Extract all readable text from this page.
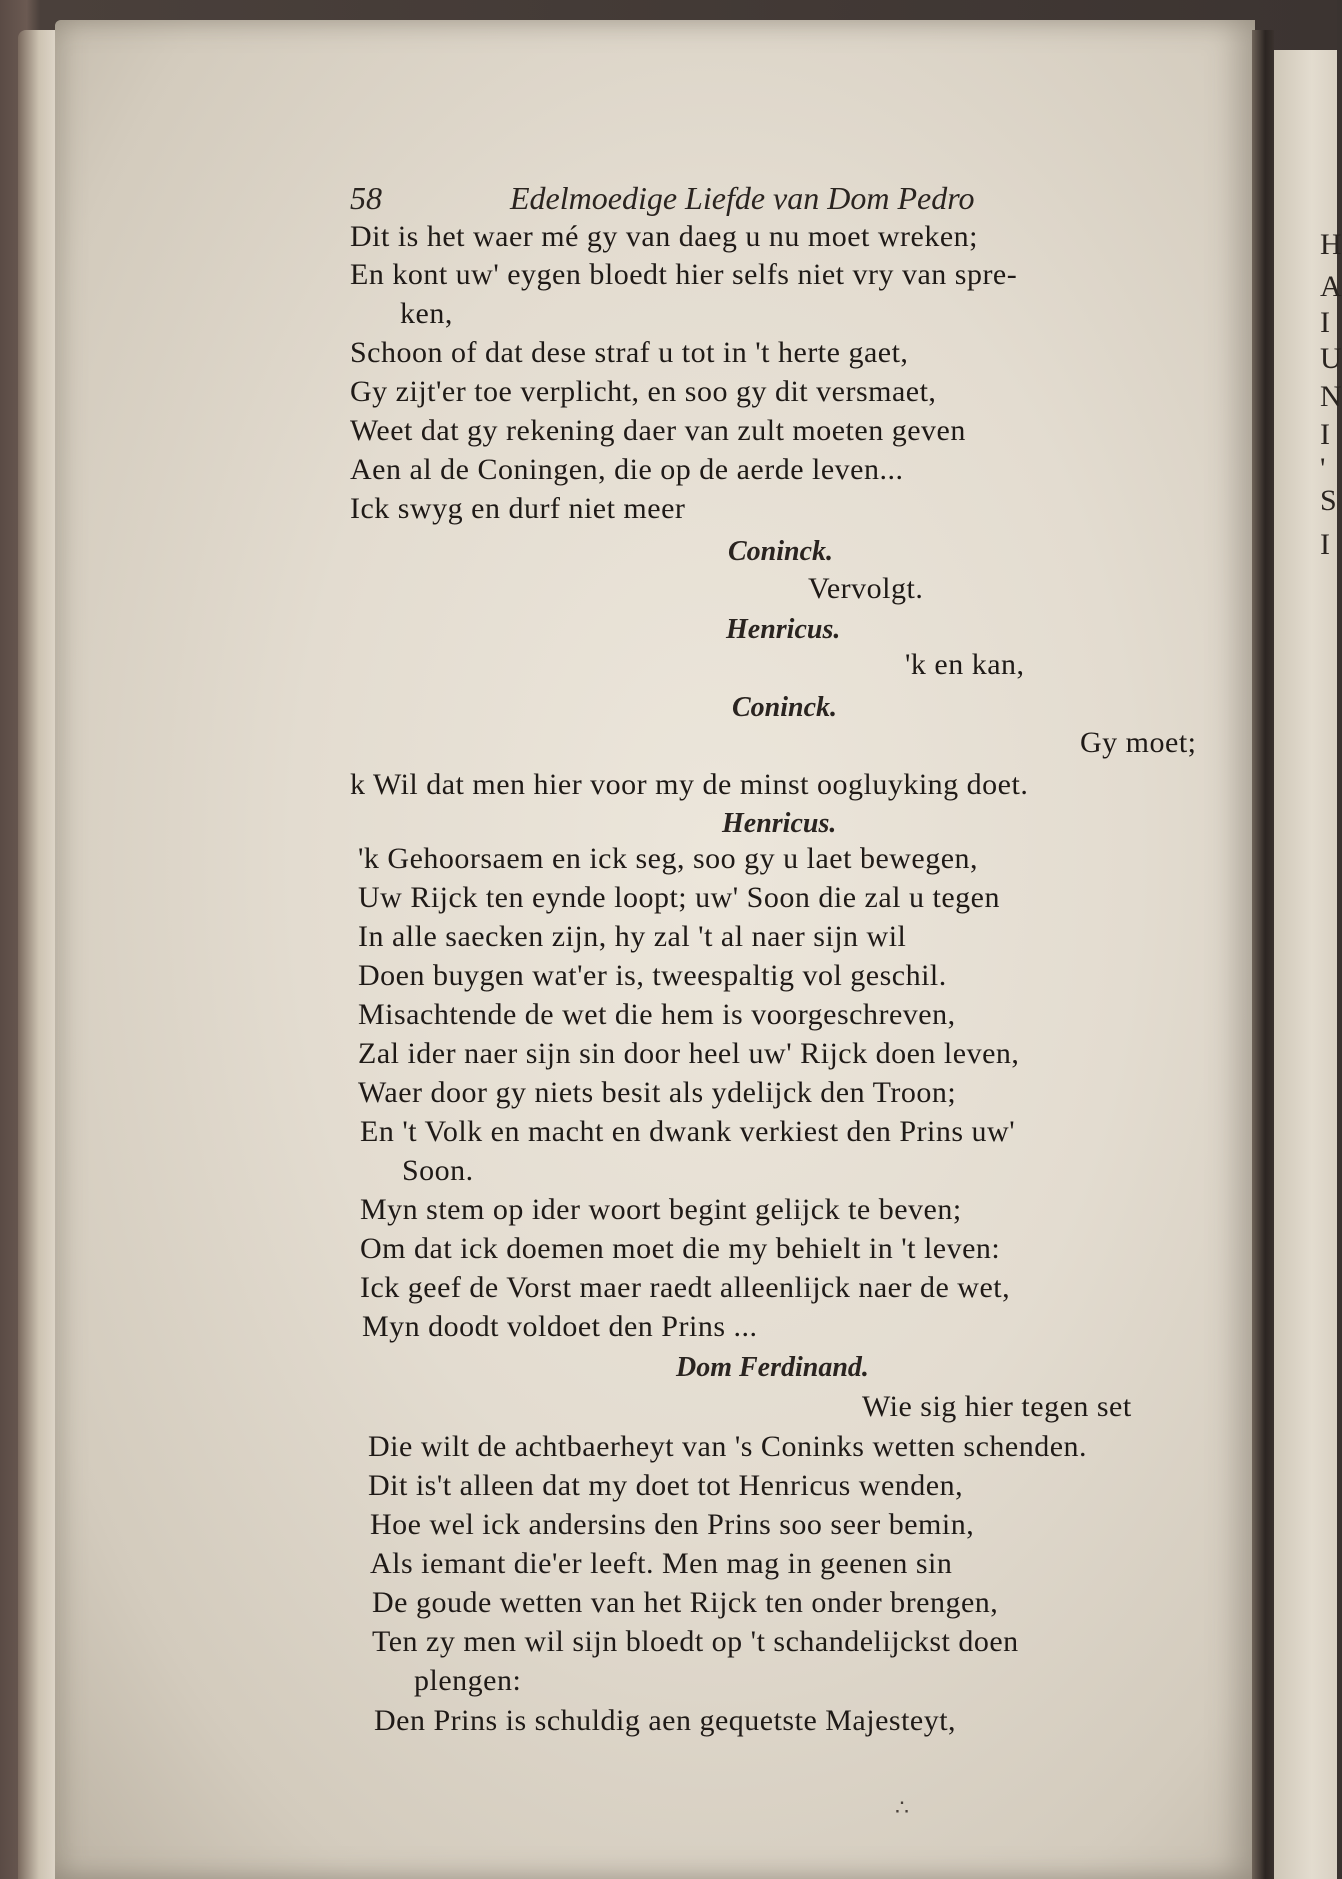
H
A
I
U
N
I
'
S
I
58	Edelmoedige Liefde van Dom Pedro
Dit is het waer mé gy van daeg u nu moet wreken;
En kont uw' eygen bloedt hier selfs niet vry van spre-
ken,
Schoon of dat dese straf u tot in 't herte gaet,
Gy zijt'er toe verplicht, en soo gy dit versmaet,
Weet dat gy rekening daer van zult moeten geven
Aen al de Coningen, die op de aerde leven...
Ick swyg en durf niet meer
Coninck.
Vervolgt.
Henricus.
'k en kan,
Coninck.
Gy moet;
k Wil dat men hier voor my de minst oogluyking doet.
Henricus.
'k Gehoorsaem en ick seg, soo gy u laet bewegen,
Uw Rijck ten eynde loopt; uw' Soon die zal u tegen
In alle saecken zijn, hy zal 't al naer sijn wil
Doen buygen wat'er is, tweespaltig vol geschil.
Misachtende de wet die hem is voorgeschreven,
Zal ider naer sijn sin door heel uw' Rijck doen leven,
Waer door gy niets besit als ydelijck den Troon;
En 't Volk en macht en dwank verkiest den Prins uw'
Soon.
Myn stem op ider woort begint gelijck te beven;
Om dat ick doemen moet die my behielt in 't leven:
Ick geef de Vorst maer raedt alleenlijck naer de wet,
Myn doodt voldoet den Prins ...
Dom Ferdinand.
Wie sig hier tegen set
Die wilt de achtbaerheyt van 's Coninks wetten schenden.
Dit is't alleen dat my doet tot Henricus wenden,
Hoe wel ick andersins den Prins soo seer bemin,
Als iemant die'er leeft. Men mag in geenen sin
De goude wetten van het Rijck ten onder brengen,
Ten zy men wil sijn bloedt op 't schandelijckst doen
plengen:
Den Prins is schuldig aen gequetste Majesteyt,
∴
